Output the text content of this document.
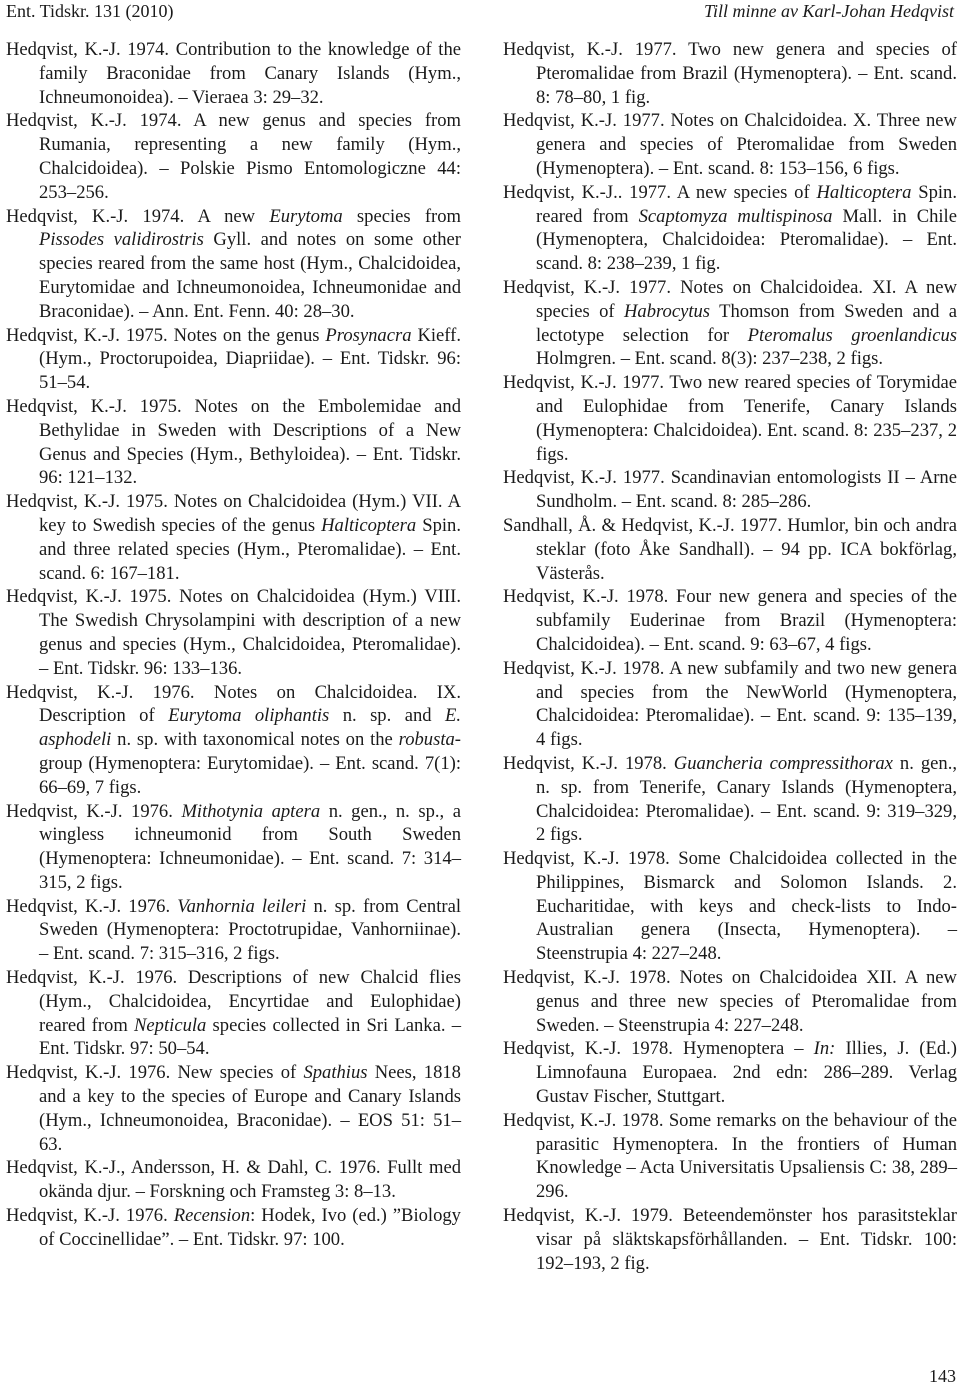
Ent. Tidskr. 131 (2010)	Till minne av Karl-Johan Hedqvist

Hedqvist, K.-J. 1974. Contribution to the knowledge of the family Braconidae from Canary Islands (Hym., Ichneumonoidea). – Vieraea 3: 29–32.

Hedqvist, K.-J. 1974. A new genus and species from Rumania, representing a new family (Hym., Chalcidoidea). – Polskie Pismo Entomologiczne 44: 253–256.

Hedqvist, K.-J. 1974. A new Eurytoma species from Pissodes validirostris Gyll. and notes on some other species reared from the same host (Hym., Chalcidoidea, Eurytomidae and Ichneumonoidea, Ichneumonidae and Braconidae). – Ann. Ent. Fenn. 40: 28–30.

Hedqvist, K.-J. 1975. Notes on the genus Prosynacra Kieff. (Hym., Proctorupoidea, Diapriidae). – Ent. Tidskr. 96: 51–54.

Hedqvist, K.-J. 1975. Notes on the Embolemidae and Bethylidae in Sweden with Descriptions of a New Genus and Species (Hym., Bethyloidea). – Ent. Tidskr. 96: 121–132.

Hedqvist, K.-J. 1975. Notes on Chalcidoidea (Hym.) VII. A key to Swedish species of the genus Halticoptera Spin. and three related species (Hym., Pteromalidae). – Ent. scand. 6: 167–181.

Hedqvist, K.-J. 1975. Notes on Chalcidoidea (Hym.) VIII. The Swedish Chrysolampini with description of a new genus and species (Hym., Chalcidoidea, Pteromalidae). – Ent. Tidskr. 96: 133–136.

Hedqvist, K.-J. 1976. Notes on Chalcidoidea. IX. Description of Eurytoma oliphantis n. sp. and E. asphodeli n. sp. with taxonomical notes on the robusta-group (Hymenoptera: Eurytomidae). – Ent. scand. 7(1): 66–69, 7 figs.

Hedqvist, K.-J. 1976. Mithotynia aptera n. gen., n. sp., a wingless ichneumonid from South Sweden (Hymenoptera: Ichneumonidae). – Ent. scand. 7: 314–315, 2 figs.

Hedqvist, K.-J. 1976. Vanhornia leileri n. sp. from Central Sweden (Hymenoptera: Proctotrupidae, Vanhorniinae). – Ent. scand. 7: 315–316, 2 figs.

Hedqvist, K.-J. 1976. Descriptions of new Chalcid flies (Hym., Chalcidoidea, Encyrtidae and Eulophidae) reared from Nepticula species collected in Sri Lanka. – Ent. Tidskr. 97: 50–54.

Hedqvist, K.-J. 1976. New species of Spathius Nees, 1818 and a key to the species of Europe and Canary Islands (Hym., Ichneumonoidea, Braconidae). – EOS 51: 51–63.

Hedqvist, K.-J., Andersson, H. & Dahl, C. 1976. Fullt med okända djur. – Forskning och Framsteg 3: 8–13.

Hedqvist, K.-J. 1976. Recension: Hodek, Ivo (ed.) ”Biology of Coccinellidae”. – Ent. Tidskr. 97: 100.

Hedqvist, K.-J. 1977. Two new genera and species of Pteromalidae from Brazil (Hymenoptera). – Ent. scand. 8: 78–80, 1 fig.

Hedqvist, K.-J. 1977. Notes on Chalcidoidea. X. Three new genera and species of Pteromalidae from Sweden (Hymenoptera). – Ent. scand. 8: 153–156, 6 figs.

Hedqvist, K.-J.. 1977. A new species of Halticoptera Spin. reared from Scaptomyza multispinosa Mall. in Chile (Hymenoptera, Chalcidoidea: Pteromalidae). – Ent. scand. 8: 238–239, 1 fig.

Hedqvist, K.-J. 1977. Notes on Chalcidoidea. XI. A new species of Habrocytus Thomson from Sweden and a lectotype selection for Pteromalus groenlandicus Holmgren. – Ent. scand. 8(3): 237–238, 2 figs.

Hedqvist, K.-J. 1977. Two new reared species of Torymidae and Eulophidae from Tenerife, Canary Islands (Hymenoptera: Chalcidoidea). Ent. scand. 8: 235–237, 2 figs.

Hedqvist, K.-J. 1977. Scandinavian entomologists II – Arne Sundholm. – Ent. scand. 8: 285–286.

Sandhall, Å. & Hedqvist, K.-J. 1977. Humlor, bin och andra steklar (foto Åke Sandhall). – 94 pp. ICA bokförlag, Västerås.

Hedqvist, K.-J. 1978. Four new genera and species of the subfamily Euderinae from Brazil (Hymenoptera: Chalcidoidea). – Ent. scand. 9: 63–67, 4 figs.

Hedqvist, K.-J. 1978. A new subfamily and two new genera and species from the NewWorld (Hymenoptera, Chalcidoidea: Pteromalidae). – Ent. scand. 9: 135–139, 4 figs.

Hedqvist, K.-J. 1978. Guancheria compressithorax n. gen., n. sp. from Tenerife, Canary Islands (Hymenoptera, Chalcidoidea: Pteromalidae). – Ent. scand. 9: 319–329, 2 figs.

Hedqvist, K.-J. 1978. Some Chalcidoidea collected in the Philippines, Bismarck and Solomon Islands. 2. Eucharitidae, with keys and check-lists to Indo-Australian genera (Insecta, Hymenoptera). – Steenstrupia 4: 227–248.

Hedqvist, K.-J. 1978. Notes on Chalcidoidea XII. A new genus and three new species of Pteromalidae from Sweden. – Steenstrupia 4: 227–248.

Hedqvist, K.-J. 1978. Hymenoptera – In: Illies, J. (Ed.) Limnofauna Europaea. 2nd edn: 286–289. Verlag Gustav Fischer, Stuttgart.

Hedqvist, K.-J. 1978. Some remarks on the behaviour of the parasitic Hymenoptera. In the frontiers of Human Knowledge – Acta Universitatis Upsaliensis C: 38, 289–296.

Hedqvist, K.-J. 1979. Beteendemönster hos parasitsteklar visar på släktskapsförhållanden. – Ent. Tidskr. 100: 192–193, 2 fig.

143
